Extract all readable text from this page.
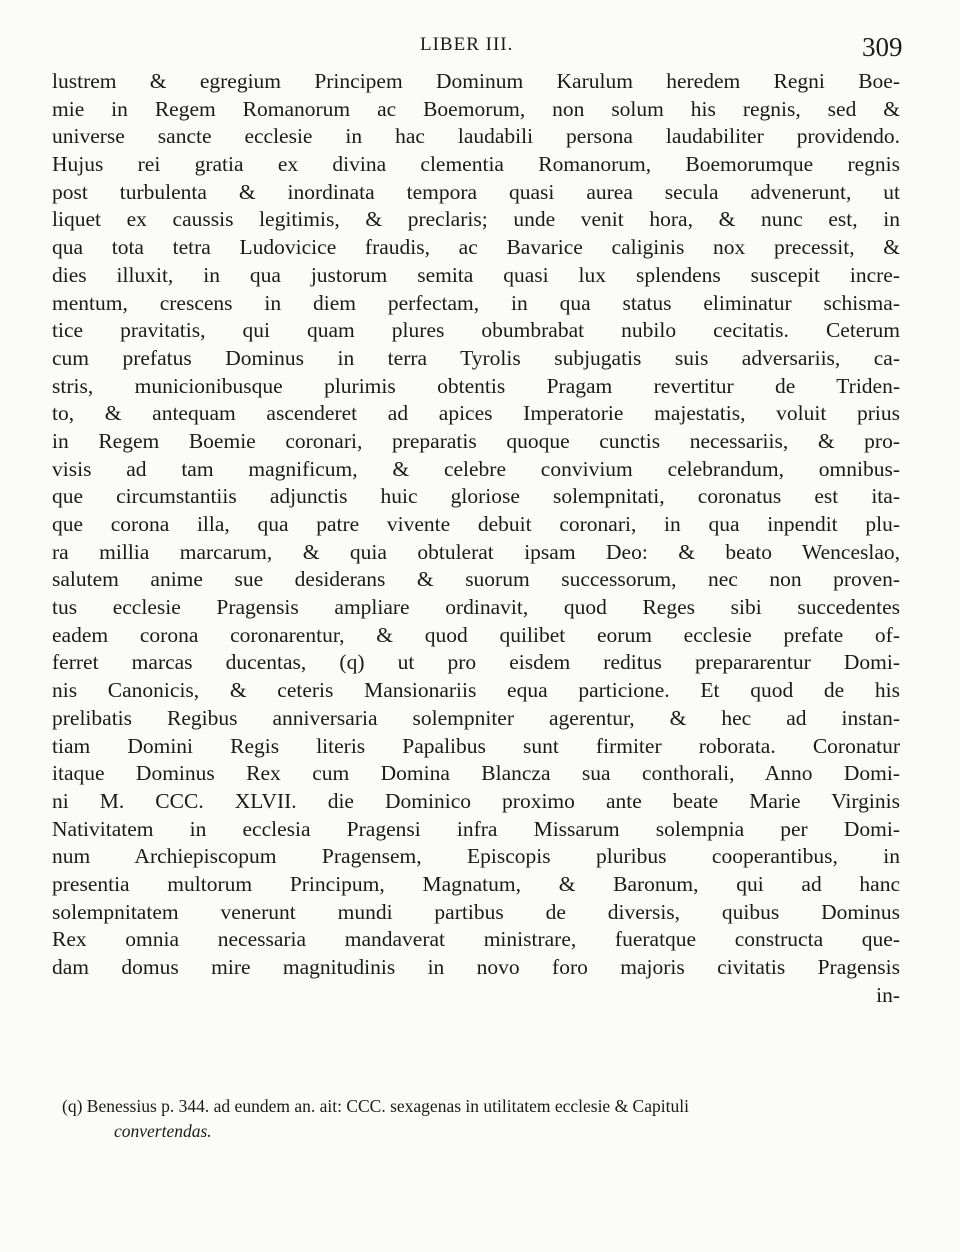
LIBER III.	309
lustrem & egregium Principem Dominum Karulum heredem Regni Boe-
mie in Regem Romanorum ac Boemorum, non solum his regnis, sed &
universe sancte ecclesie in hac laudabili persona laudabiliter providendo.
Hujus rei gratia ex divina clementia Romanorum, Boemorumque regnis
post turbulenta & inordinata tempora quasi aurea secula advenerunt, ut
liquet ex caussis legitimis, & preclaris; unde venit hora, & nunc est, in
qua tota tetra Ludovicice fraudis, ac Bavarice caliginis nox precessit, &
dies illuxit, in qua justorum semita quasi lux splendens suscepit incre-
mentum, crescens in diem perfectam, in qua status eliminatur schisma-
tice pravitatis, qui quam plures obumbrabat nubilo cecitatis. Ceterum
cum prefatus Dominus in terra Tyrolis subjugatis suis adversariis, ca-
stris, municionibusque plurimis obtentis Pragam revertitur de Triden-
to, & antequam ascenderet ad apices Imperatorie majestatis, voluit prius
in Regem Boemie coronari, preparatis quoque cunctis necessariis, & pro-
visis ad tam magnificum, & celebre convivium celebrandum, omnibus-
que circumstantiis adjunctis huic gloriose solempnitati, coronatus est ita-
que corona illa, qua patre vivente debuit coronari, in qua inpendit plu-
ra millia marcarum, & quia obtulerat ipsam Deo: & beato Wenceslao,
salutem anime sue desiderans & suorum successorum, nec non proven-
tus ecclesie Pragensis ampliare ordinavit, quod Reges sibi succedentes
eadem corona coronarentur, & quod quilibet eorum ecclesie prefate of-
ferret marcas ducentas, (q) ut pro eisdem reditus prepararentur Domi-
nis Canonicis, & ceteris Mansionariis equa particione. Et quod de his
prelibatis Regibus anniversaria solempniter agerentur, & hec ad instan-
tiam Domini Regis literis Papalibus sunt firmiter roborata. Coronatur
itaque Dominus Rex cum Domina Blancza sua conthorali, Anno Domi-
ni M. CCC. XLVII. die Dominico proximo ante beate Marie Virginis
Nativitatem in ecclesia Pragensi infra Missarum solempnia per Domi-
num Archiepiscopum Pragensem, Episcopis pluribus cooperantibus, in
presentia multorum Principum, Magnatum, & Baronum, qui ad hanc
solempnitatem venerunt mundi partibus de diversis, quibus Dominus
Rex omnia necessaria mandaverat ministrare, fueratque constructa que-
dam domus mire magnitudinis in novo foro majoris civitatis Pragensis
in-
(q) Benessius p. 344. ad eundem an. ait: CCC. sexagenas in utilitatem ecclesie & Capituli
convertendas.
